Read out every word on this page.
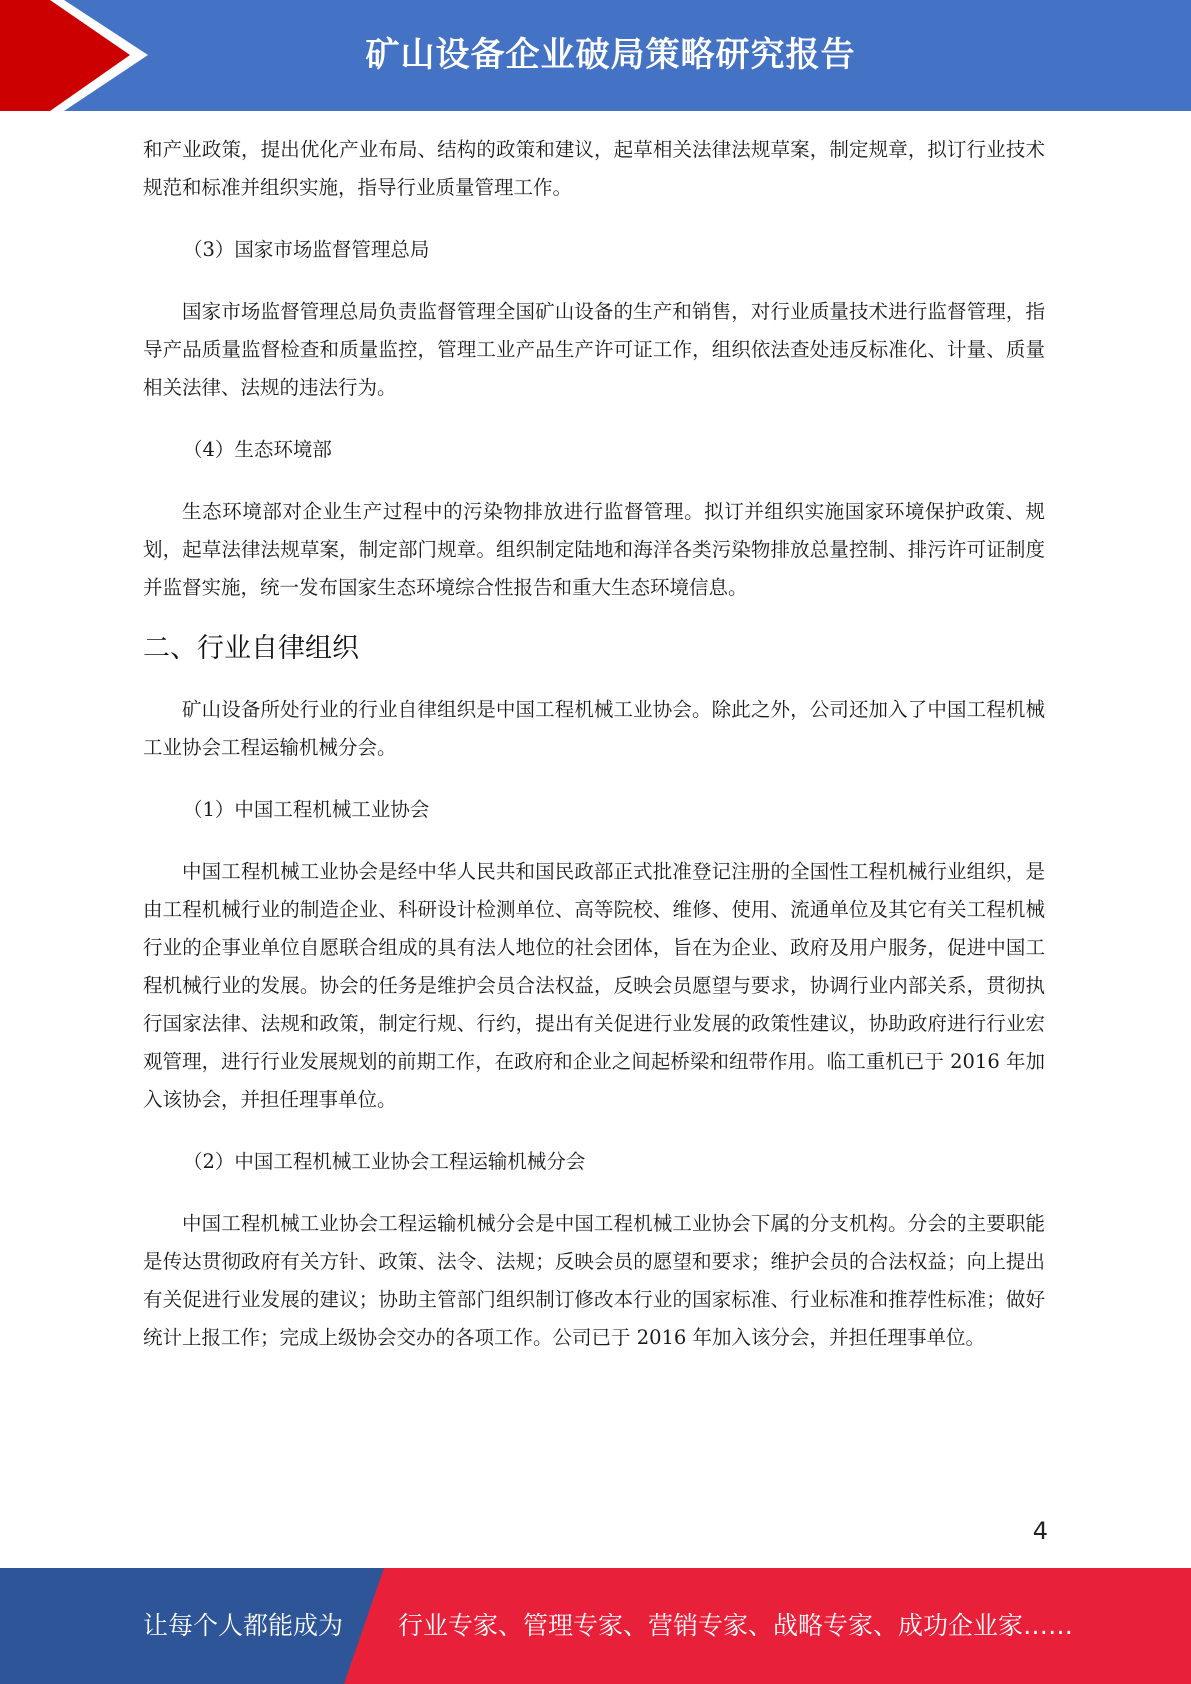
矿山设备企业破局策略研究报告

和产业政策，提出优化产业布局、结构的政策和建议，起草相关法律法规草案，制定规章，拟订行业技术规范和标准并组织实施，指导行业质量管理工作。

（3）国家市场监督管理总局

国家市场监督管理总局负责监督管理全国矿山设备的生产和销售，对行业质量技术进行监督管理，指导产品质量监督检查和质量监控，管理工业产品生产许可证工作，组织依法查处违反标准化、计量、质量相关法律、法规的违法行为。

（4）生态环境部

生态环境部对企业生产过程中的污染物排放进行监督管理。拟订并组织实施国家环境保护政策、规划，起草法律法规草案，制定部门规章。组织制定陆地和海洋各类污染物排放总量控制、排污许可证制度并监督实施，统一发布国家生态环境综合性报告和重大生态环境信息。

二、行业自律组织

矿山设备所处行业的行业自律组织是中国工程机械工业协会。除此之外，公司还加入了中国工程机械工业协会工程运输机械分会。

（1）中国工程机械工业协会

中国工程机械工业协会是经中华人民共和国民政部正式批准登记注册的全国性工程机械行业组织，是由工程机械行业的制造企业、科研设计检测单位、高等院校、维修、使用、流通单位及其它有关工程机械行业的企事业单位自愿联合组成的具有法人地位的社会团体，旨在为企业、政府及用户服务，促进中国工程机械行业的发展。协会的任务是维护会员合法权益，反映会员愿望与要求，协调行业内部关系，贯彻执行国家法律、法规和政策，制定行规、行约，提出有关促进行业发展的政策性建议，协助政府进行行业宏观管理，进行行业发展规划的前期工作，在政府和企业之间起桥梁和纽带作用。临工重机已于 2016 年加入该协会，并担任理事单位。

（2）中国工程机械工业协会工程运输机械分会

中国工程机械工业协会工程运输机械分会是中国工程机械工业协会下属的分支机构。分会的主要职能是传达贯彻政府有关方针、政策、法令、法规；反映会员的愿望和要求；维护会员的合法权益；向上提出有关促进行业发展的建议；协助主管部门组织制订修改本行业的国家标准、行业标准和推荐性标准；做好统计上报工作；完成上级协会交办的各项工作。公司已于 2016 年加入该分会，并担任理事单位。

4
让每个人都能成为 行业专家、管理专家、营销专家、战略专家、成功企业家……
